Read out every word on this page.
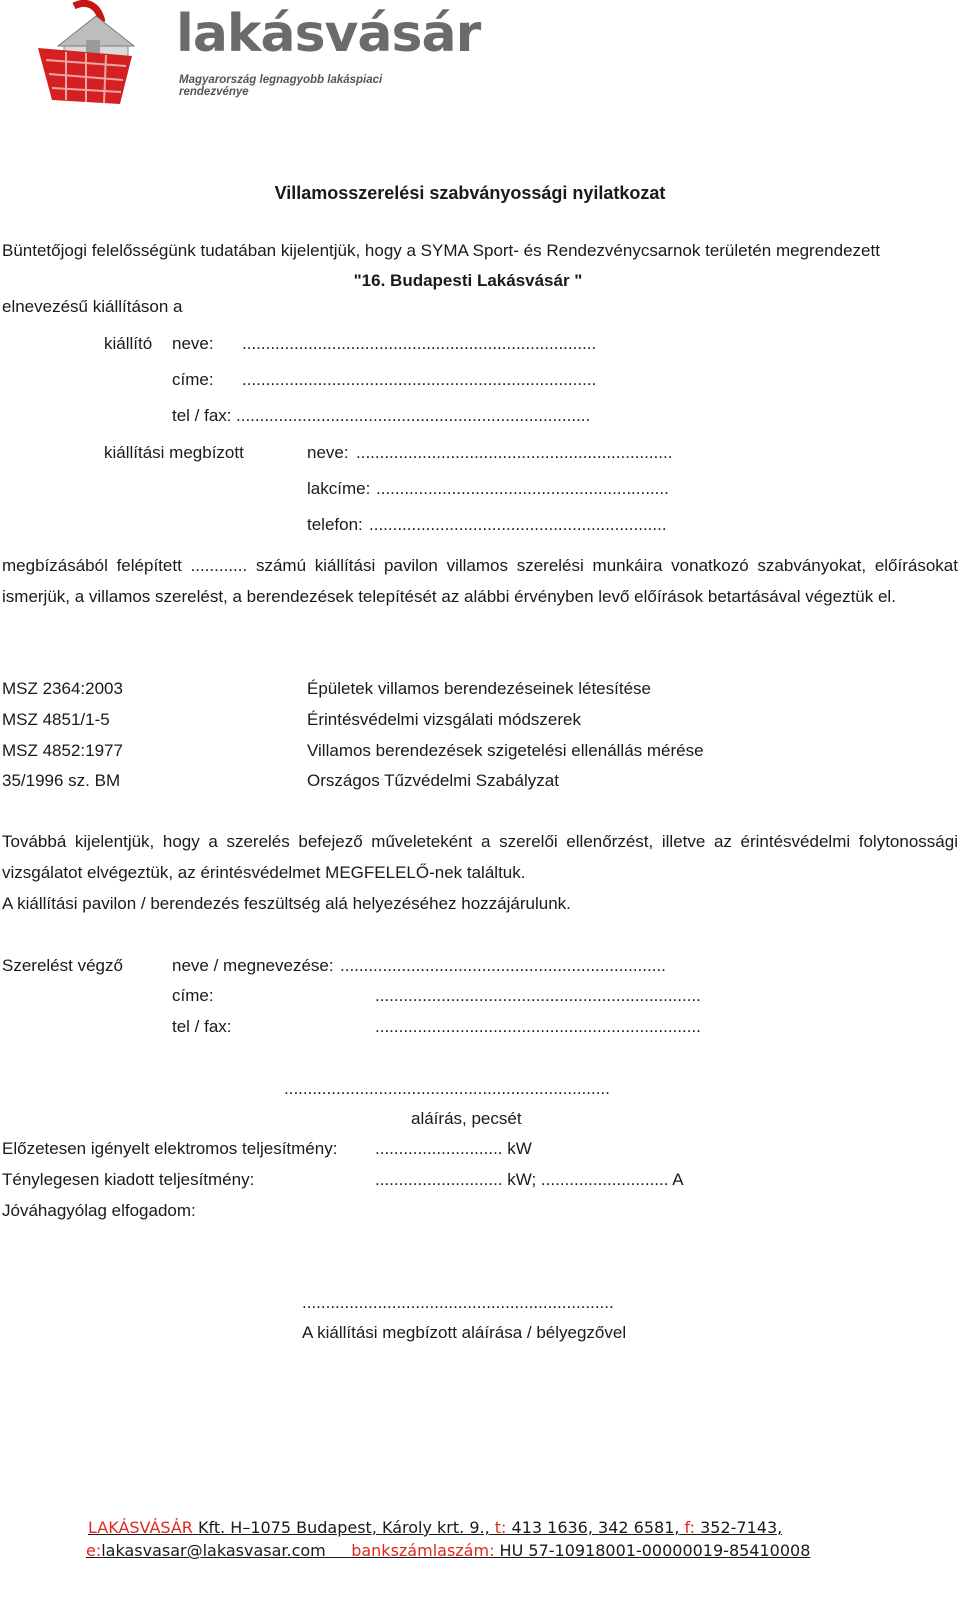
lakásvásár
Magyarország legnagyobb lakáspiaci rendezvénye
Villamosszerelési szabványossági nyilatkozat
Büntetőjogi felelősségünk tudatában kijelentjük, hogy a SYMA Sport- és Rendezvénycsarnok területén megrendezett
"16. Budapesti Lakásvásár "
elnevezésű kiállításon a
kiállító neve: ...........................................................................
címe: ...........................................................................
tel / fax: ...........................................................................
kiállítási megbízott	neve: ...................................................................
lakcíme: ..............................................................
telefon: ...............................................................
megbízásából felépített ............ számú kiállítási pavilon villamos szerelési munkáira vonatkozó szabványokat, előírásokat ismerjük, a villamos szerelést, a berendezések telepítését az alábbi érvényben levő előírások betartásával végeztük el.
MSZ 2364:2003	Épületek villamos berendezéseinek létesítése
MSZ 4851/1-5	Érintésvédelmi vizsgálati módszerek
MSZ 4852:1977	Villamos berendezések szigetelési ellenállás mérése
35/1996 sz. BM	Országos Tűzvédelmi Szabályzat
Továbbá kijelentjük, hogy a szerelés befejező műveleteként a szerelői ellenőrzést, illetve az érintésvédelmi folytonossági vizsgálatot elvégeztük, az érintésvédelmet MEGFELELŐ-nek találtuk.
A kiállítási pavilon / berendezés feszültség alá helyezéséhez hozzájárulunk.
Szerelést végző	neve / megnevezése: .....................................................................
címe:	.....................................................................
tel / fax:	.....................................................................
.....................................................................
aláírás, pecsét
Előzetesen igényelt elektromos teljesítmény: ........................... kW
Ténylegesen kiadott teljesítmény:	........................... kW; ........................... A
Jóváhagyólag elfogadom:
..................................................................
A kiállítási megbízott aláírása / bélyegzővel
LAKÁSVÁSÁR Kft. H–1075 Budapest, Károly krt. 9., t: 413 1636, 342 6581, f: 352-7143,
e:lakasvasar@lakasvasar.com bankszámlaszám: HU 57-10918001-00000019-85410008
